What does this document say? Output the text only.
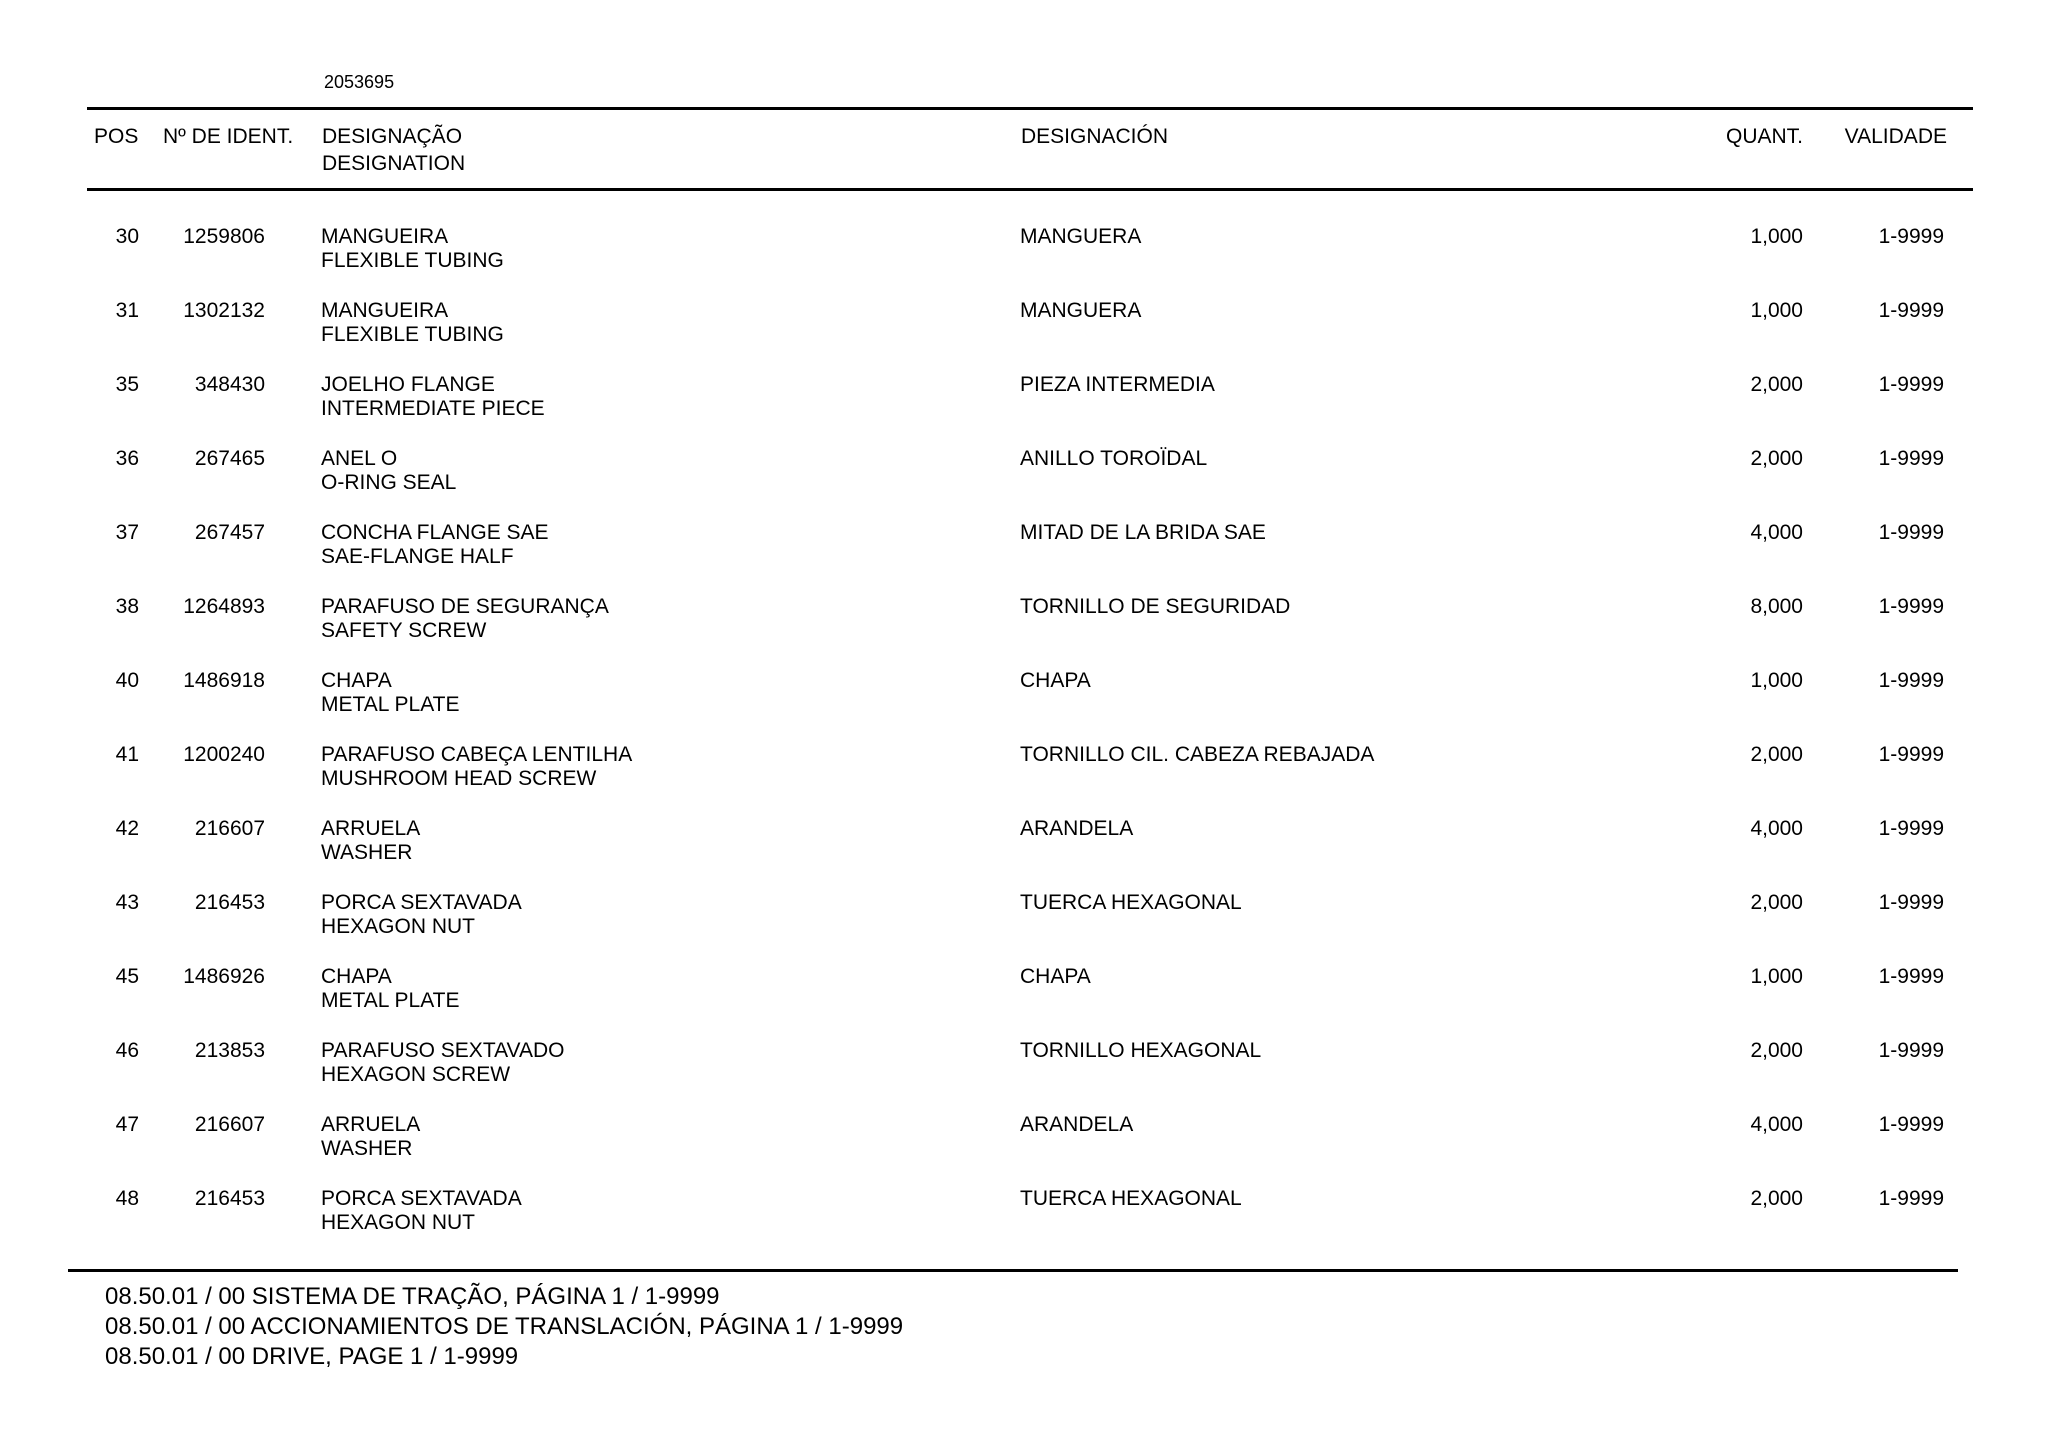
2053695
POS Nº DE IDENT. DESIGNAÇÃO
DESIGNATION
DESIGNACIÓN	QUANT. VALIDADE
30 1259806	MANGUEIRA
FLEXIBLE TUBING
MANGUERA	1,000	1-9999
31 1302132	MANGUEIRA
FLEXIBLE TUBING
MANGUERA	1,000	1-9999
35	348430	JOELHO FLANGE
INTERMEDIATE PIECE
PIEZA INTERMEDIA	2,000	1-9999
36	267465	ANEL O
O-RING SEAL
ANILLO TOROÏDAL	2,000	1-9999
37	267457	CONCHA FLANGE SAE
SAE-FLANGE HALF
MITAD DE LA BRIDA SAE	4,000	1-9999
38 1264893	PARAFUSO DE SEGURANÇA
SAFETY SCREW
TORNILLO DE SEGURIDAD	8,000	1-9999
40 1486918	CHAPA
METAL PLATE
CHAPA	1,000	1-9999
41 1200240	PARAFUSO CABEÇA LENTILHA
MUSHROOM HEAD SCREW
TORNILLO CIL. CABEZA REBAJADA	2,000	1-9999
42	216607	ARRUELA
WASHER
ARANDELA	4,000	1-9999
43	216453	PORCA SEXTAVADA
HEXAGON NUT
TUERCA HEXAGONAL	2,000	1-9999
45 1486926	CHAPA
METAL PLATE
CHAPA	1,000	1-9999
46	213853	PARAFUSO SEXTAVADO
HEXAGON SCREW
TORNILLO HEXAGONAL	2,000	1-9999
47	216607	ARRUELA
WASHER
ARANDELA	4,000	1-9999
48	216453	PORCA SEXTAVADA
HEXAGON NUT
TUERCA HEXAGONAL	2,000	1-9999
08.50.01 / 00 SISTEMA DE TRAÇÃO, PÁGINA 1 / 1-9999
08.50.01 / 00 ACCIONAMIENTOS DE TRANSLACIÓN, PÁGINA 1 / 1-9999
08.50.01 / 00 DRIVE, PAGE 1 / 1-9999
